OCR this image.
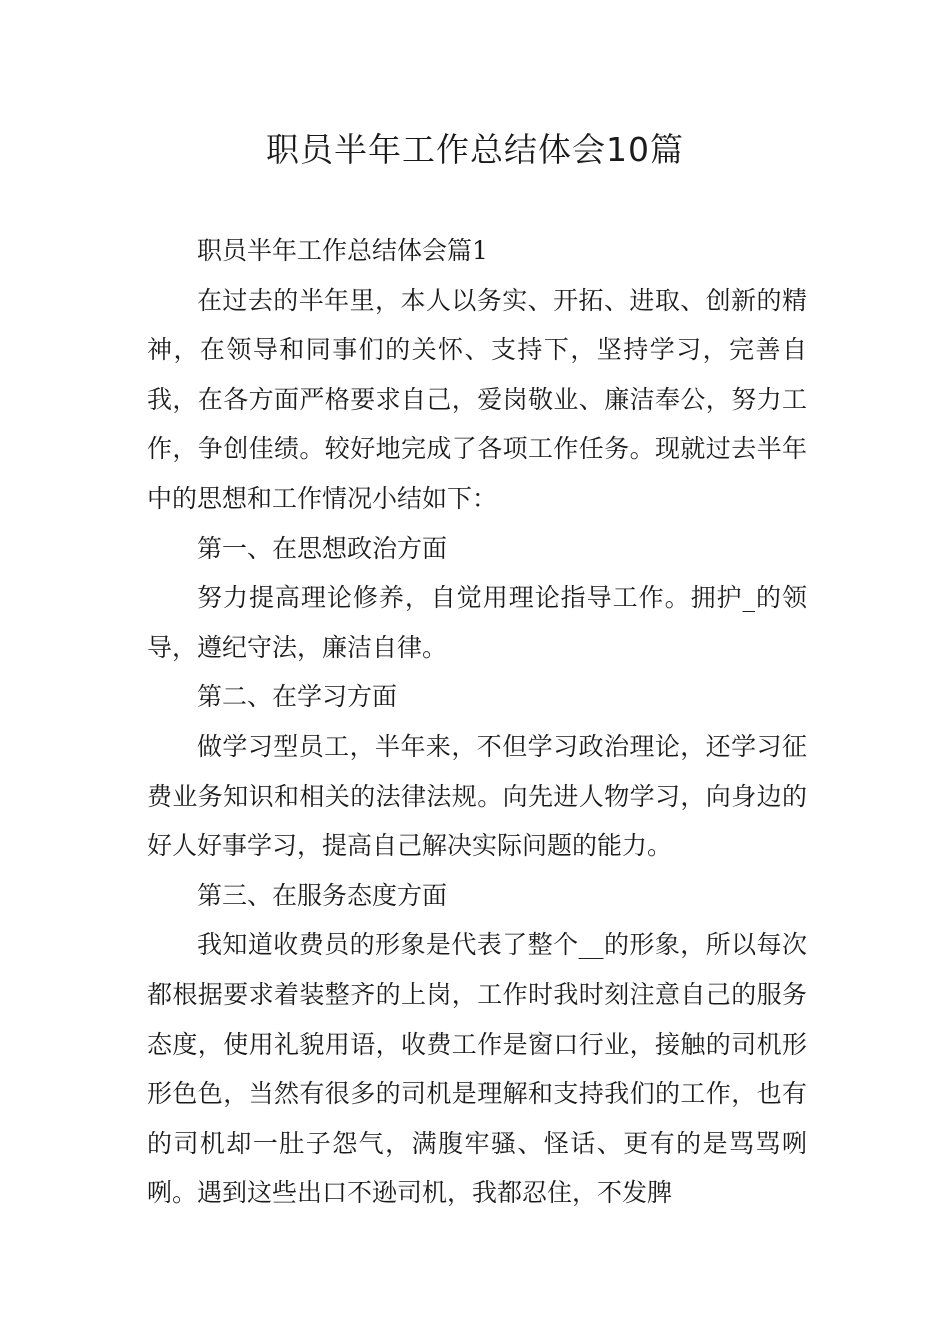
职员半年工作总结体会10篇

职员半年工作总结体会篇1

在过去的半年里，本人以务实、开拓、进取、创新的精神，在领导和同事们的关怀、支持下，坚持学习，完善自我，在各方面严格要求自己，爱岗敬业、廉洁奉公，努力工作，争创佳绩。较好地完成了各项工作任务。现就过去半年中的思想和工作情况小结如下：

第一、在思想政治方面

努力提高理论修养，自觉用理论指导工作。拥护_的领导，遵纪守法，廉洁自律。

第二、在学习方面

做学习型员工，半年来，不但学习政治理论，还学习征费业务知识和相关的法律法规。向先进人物学习，向身边的好人好事学习，提高自己解决实际问题的能力。

第三、在服务态度方面

我知道收费员的形象是代表了整个__的形象，所以每次都根据要求着装整齐的上岗，工作时我时刻注意自己的服务态度，使用礼貌用语，收费工作是窗口行业，接触的司机形形色色，当然有很多的司机是理解和支持我们的工作，也有的司机却一肚子怨气，满腹牢骚、怪话、更有的是骂骂咧咧。遇到这些出口不逊司机，我都忍住，不发脾
